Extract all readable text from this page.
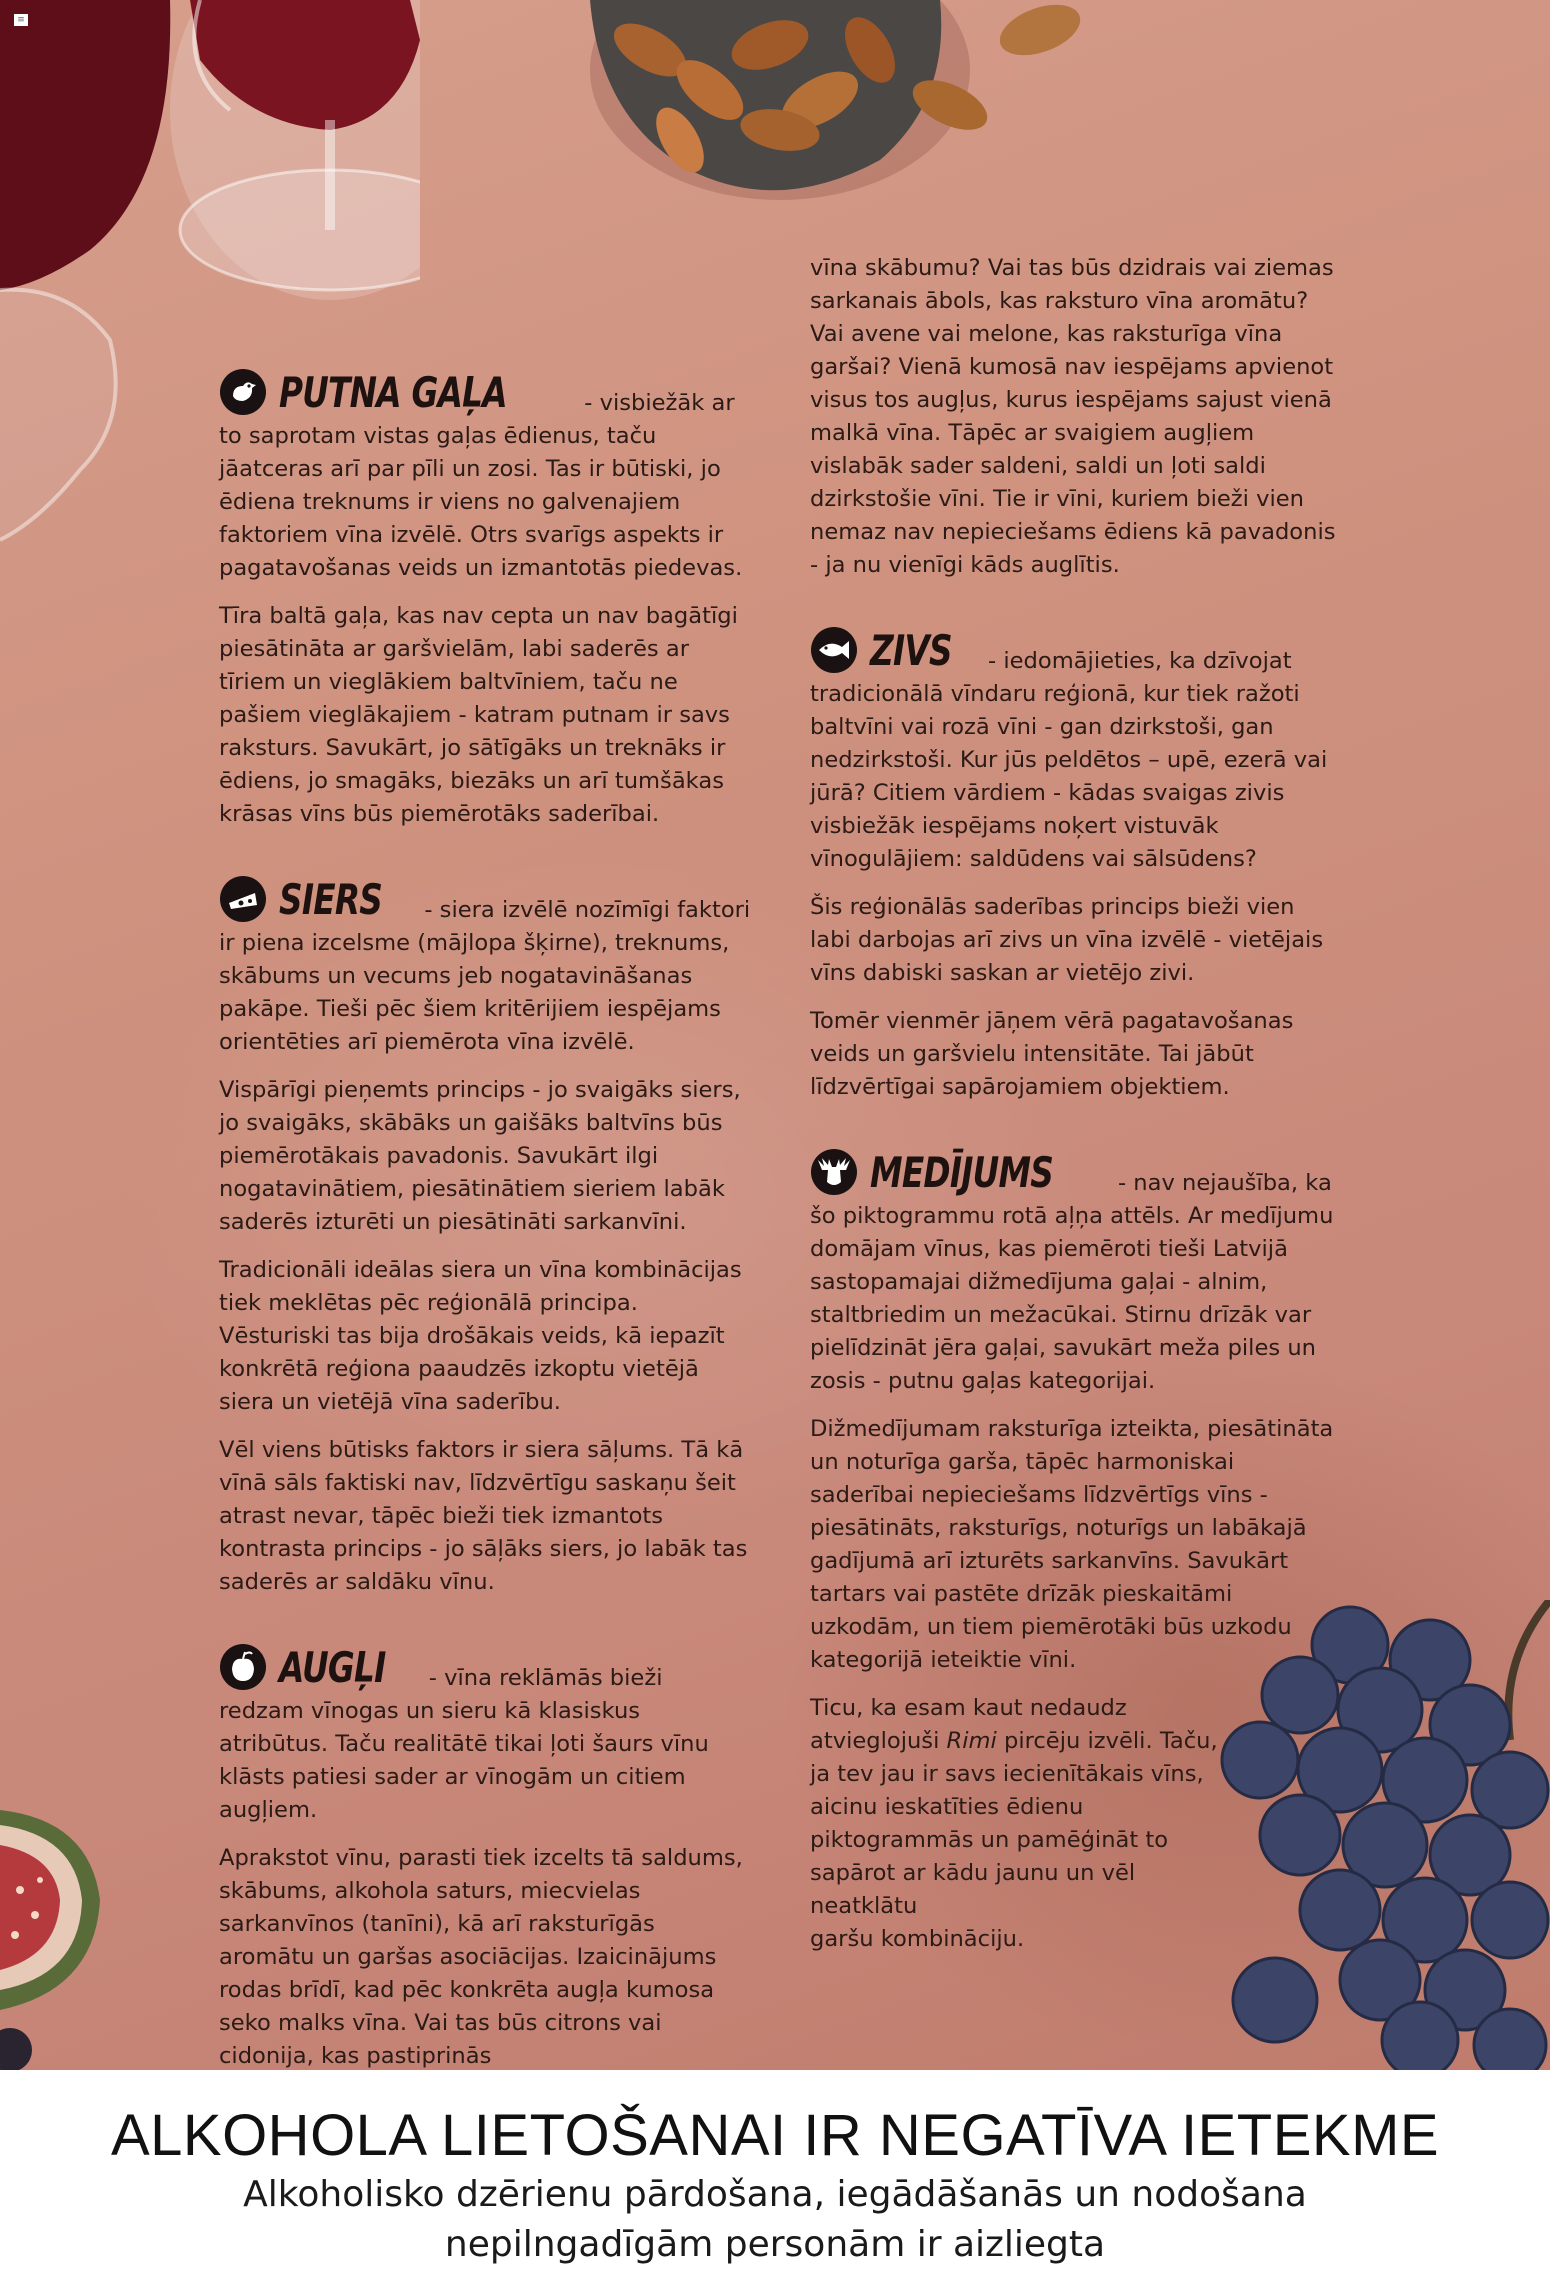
≡

PUTNA GAĻA	- visbiežāk ar to saprotam vistas gaļas ēdienus, taču jāatceras arī par pīli un zosi. Tas ir būtiski, jo ēdiena treknums ir viens no galvenajiem faktoriem vīna izvēlē. Otrs svarīgs aspekts ir pagatavošanas veids un izmantotās piedevas.

Tīra baltā gaļa, kas nav cepta un nav bagātīgi piesātināta ar garšvielām, labi saderēs ar tīriem un vieglākiem baltvīniem, taču ne pašiem vieglākajiem - katram putnam ir savs raksturs. Savukārt, jo sātīgāks un treknāks ir ēdiens, jo smagāks, biezāks un arī tumšākas krāsas vīns būs piemērotāks saderībai.

SIERS - siera izvēlē nozīmīgi faktori ir piena izcelsme (mājlopa šķirne), treknums, skābums un vecums jeb nogatavināšanas pakāpe. Tieši pēc šiem kritērijiem iespējams orientēties arī piemērota vīna izvēlē.

Vispārīgi pieņemts princips - jo svaigāks siers, jo svaigāks, skābāks un gaišāks baltvīns būs piemērotākais pavadonis. Savukārt ilgi nogatavinātiem, piesātinātiem sieriem labāk saderēs izturēti un piesātināti sarkanvīni.

Tradicionāli ideālas siera un vīna kombinācijas tiek meklētas pēc reģionālā principa. Vēsturiski tas bija drošākais veids, kā iepazīt konkrētā reģiona paaudzēs izkoptu vietējā siera un vietējā vīna saderību.

Vēl viens būtisks faktors ir siera sāļums. Tā kā vīnā sāls faktiski nav, līdzvērtīgu saskaņu šeit atrast nevar, tāpēc bieži tiek izmantots kontrasta princips - jo sāļāks siers, jo labāk tas saderēs ar saldāku vīnu.

AUGĻI - vīna reklāmās bieži redzam vīnogas un sieru kā klasiskus atribūtus. Taču realitātē tikai ļoti šaurs vīnu klāsts patiesi sader ar vīnogām un citiem augļiem.

Aprakstot vīnu, parasti tiek izcelts tā saldums, skābums, alkohola saturs, miecvielas sarkanvīnos (tanīni), kā arī raksturīgās aromātu un garšas asociācijas. Izaicinājums rodas brīdī, kad pēc konkrēta augļa kumosa seko malks vīna. Vai tas būs citrons vai cidonija, kas pastiprinās

vīna skābumu? Vai tas būs dzidrais vai ziemas sarkanais ābols, kas raksturo vīna aromātu? Vai avene vai melone, kas raksturīga vīna garšai? Vienā kumosā nav iespējams apvienot visus tos augļus, kurus iespējams sajust vienā malkā vīna. Tāpēc ar svaigiem augļiem vislabāk sader saldeni, saldi un ļoti saldi dzirkstošie vīni. Tie ir vīni, kuriem bieži vien nemaz nav nepieciešams ēdiens kā pavadonis - ja nu vienīgi kāds auglītis.

ZIVS - iedomājieties, ka dzīvojat tradicionālā vīndaru reģionā, kur tiek ražoti baltvīni vai rozā vīni - gan dzirkstoši, gan nedzirkstoši. Kur jūs peldētos – upē, ezerā vai jūrā? Citiem vārdiem - kādas svaigas zivis visbiežāk iespējams noķert vistuvāk vīnogulājiem: saldūdens vai sālsūdens?

Šis reģionālās saderības princips bieži vien labi darbojas arī zivs un vīna izvēlē - vietējais vīns dabiski saskan ar vietējo zivi.

Tomēr vienmēr jāņem vērā pagatavošanas veids un garšvielu intensitāte. Tai jābūt līdzvērtīgai sapārojamiem objektiem.

MEDĪJUMS	- nav nejaušība, ka šo piktogrammu rotā aļņa attēls. Ar medījumu domājam vīnus, kas piemēroti tieši Latvijā sastopamajai dižmedījuma gaļai - alnim, staltbriedim un mežacūkai. Stirnu drīzāk var pielīdzināt jēra gaļai, savukārt meža piles un zosis - putnu gaļas kategorijai.

Dižmedījumam raksturīga izteikta, piesātināta un noturīga garša, tāpēc harmoniskai saderībai nepieciešams līdzvērtīgs vīns - piesātināts, raksturīgs, noturīgs un labākajā gadījumā arī izturēts sarkanvīns. Savukārt tartars vai pastēte drīzāk pieskaitāmi uzkodām, un tiem piemērotāki būs uzkodu kategorijā ieteiktie vīni.

Ticu, ka esam kaut nedaudz atvieglojuši Rimi pircēju izvēli. Taču, ja tev jau ir savs iecienītākais vīns, aicinu ieskatīties ēdienu piktogrammās un pamēģināt to sapārot ar kādu jaunu un vēl neatklātu
garšu kombināciju.

ALKOHOLA LIETOŠANAI IR NEGATĪVA IETEKME
Alkoholisko dzērienu pārdošana, iegādāšanās un nodošana
nepilngadīgām personām ir aizliegta
